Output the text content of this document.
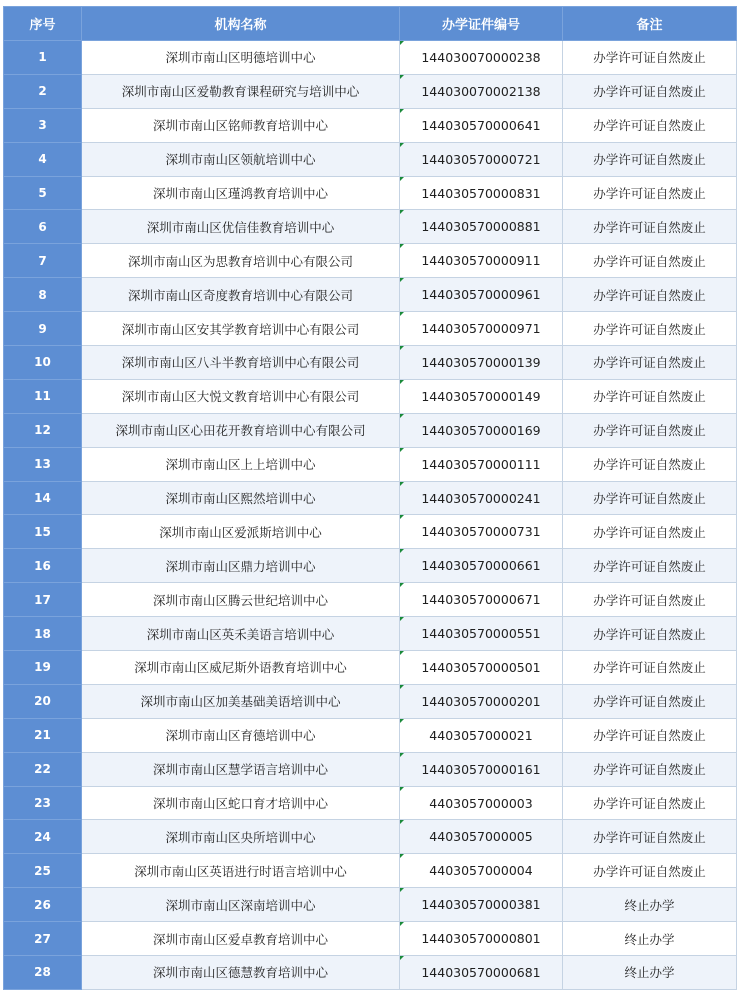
序号	机构名称	办学证件编号	备注
1	深圳市南山区明德培训中心	144030070000238	办学许可证自然废止
2	深圳市南山区爱勒教育课程研究与培训中心	144030070002138	办学许可证自然废止
3	深圳市南山区铭师教育培训中心	144030570000641	办学许可证自然废止
4	深圳市南山区领航培训中心	144030570000721	办学许可证自然废止
5	深圳市南山区瑾鸿教育培训中心	144030570000831	办学许可证自然废止
6	深圳市南山区优信佳教育培训中心	144030570000881	办学许可证自然废止
7	深圳市南山区为思教育培训中心有限公司	144030570000911	办学许可证自然废止
8	深圳市南山区奇度教育培训中心有限公司	144030570000961	办学许可证自然废止
9	深圳市南山区安其学教育培训中心有限公司	144030570000971	办学许可证自然废止
10	深圳市南山区八斗半教育培训中心有限公司	144030570000139	办学许可证自然废止
11	深圳市南山区大悦文教育培训中心有限公司	144030570000149	办学许可证自然废止
12	深圳市南山区心田花开教育培训中心有限公司	144030570000169	办学许可证自然废止
13	深圳市南山区上上培训中心	144030570000111	办学许可证自然废止
14	深圳市南山区熙然培训中心	144030570000241	办学许可证自然废止
15	深圳市南山区爱派斯培训中心	144030570000731	办学许可证自然废止
16	深圳市南山区鼎力培训中心	144030570000661	办学许可证自然废止
17	深圳市南山区腾云世纪培训中心	144030570000671	办学许可证自然废止
18	深圳市南山区英禾美语言培训中心	144030570000551	办学许可证自然废止
19	深圳市南山区威尼斯外语教育培训中心	144030570000501	办学许可证自然废止
20	深圳市南山区加美基础美语培训中心	144030570000201	办学许可证自然废止
21	深圳市南山区育德培训中心	4403057000021	办学许可证自然废止
22	深圳市南山区慧学语言培训中心	144030570000161	办学许可证自然废止
23	深圳市南山区蛇口育才培训中心	4403057000003	办学许可证自然废止
24	深圳市南山区央所培训中心	4403057000005	办学许可证自然废止
25	深圳市南山区英语进行时语言培训中心	4403057000004	办学许可证自然废止
26	深圳市南山区深南培训中心	144030570000381	终止办学
27	深圳市南山区爱卓教育培训中心	144030570000801	终止办学
28	深圳市南山区德慧教育培训中心	144030570000681	终止办学
